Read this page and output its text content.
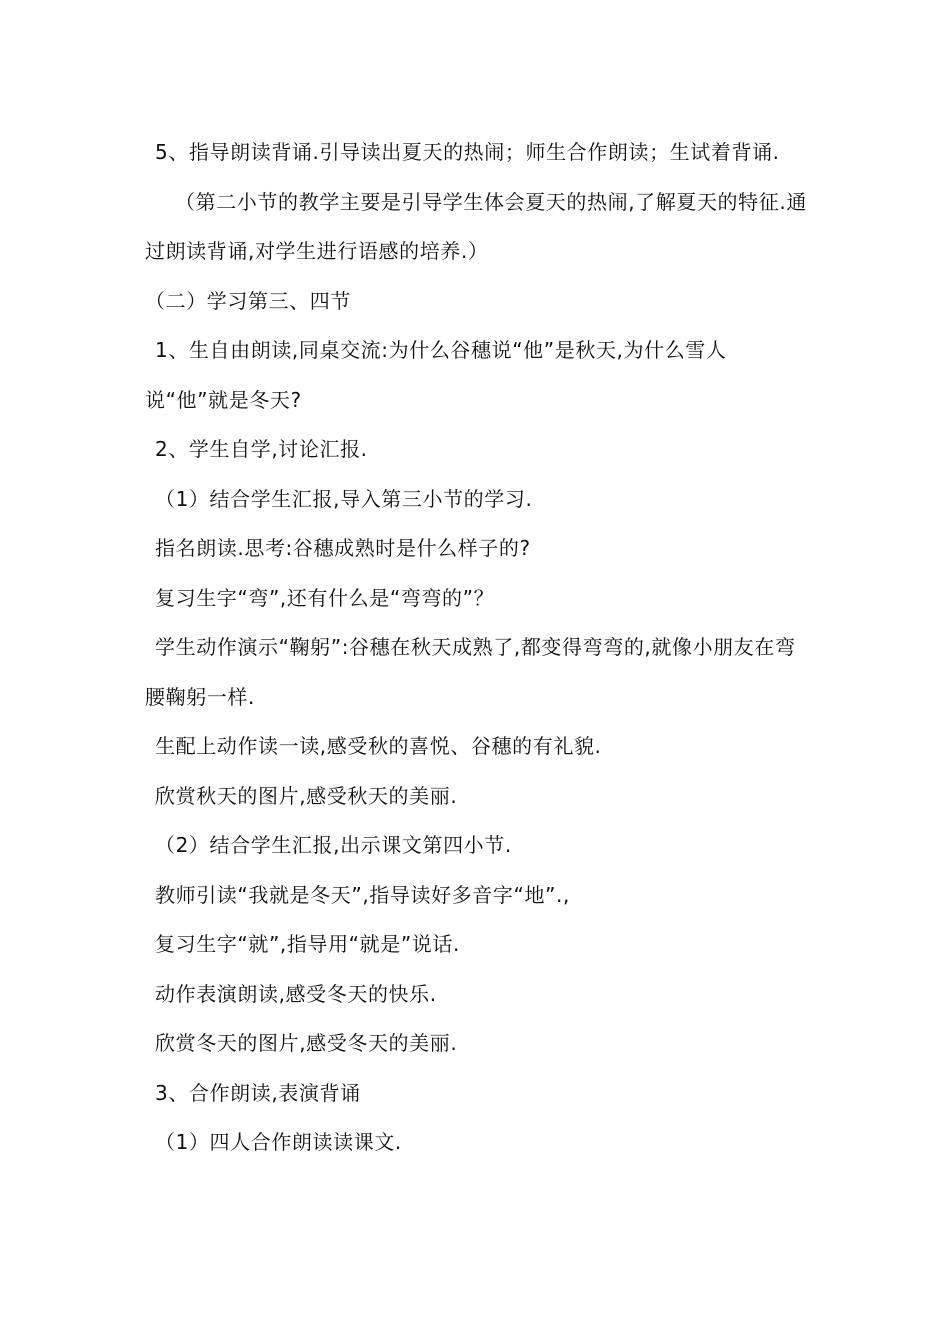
5、指导朗读背诵.引导读出夏天的热闹；师生合作朗读；生试着背诵.

（第二小节的教学主要是引导学生体会夏天的热闹,了解夏天的特征.通过朗读背诵,对学生进行语感的培养.）

（二）学习第三、四节

1、生自由朗读,同桌交流:为什么谷穗说“他”是秋天,为什么雪人说“他”就是冬天?

2、学生自学,讨论汇报.

（1）结合学生汇报,导入第三小节的学习.

指名朗读.思考:谷穗成熟时是什么样子的?

复习生字“弯”,还有什么是“弯弯的”？

学生动作演示“鞠躬”:谷穗在秋天成熟了,都变得弯弯的,就像小朋友在弯腰鞠躬一样.

生配上动作读一读,感受秋的喜悦、谷穗的有礼貌.

欣赏秋天的图片,感受秋天的美丽.

（2）结合学生汇报,出示课文第四小节.

教师引读“我就是冬天”,指导读好多音字“地”.,

复习生字“就”,指导用“就是”说话.

动作表演朗读,感受冬天的快乐.

欣赏冬天的图片,感受冬天的美丽.

3、合作朗读,表演背诵

（1）四人合作朗读读课文.
